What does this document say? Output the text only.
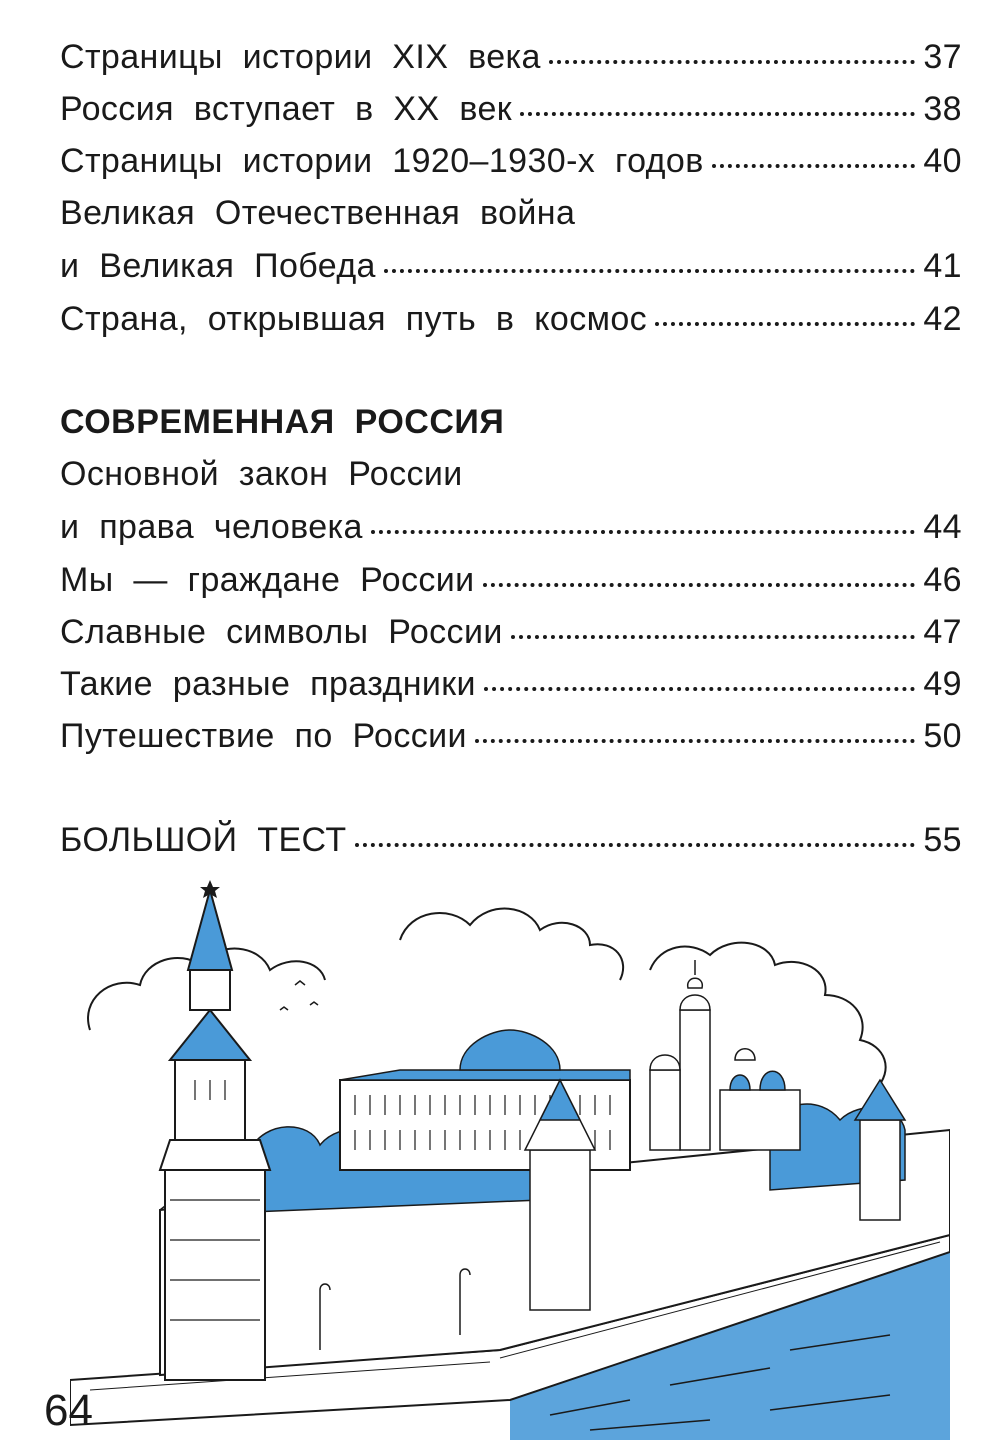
Страницы истории XIX века	37
Россия вступает в XX век	38
Страницы истории 1920–1930-х годов	40
Великая Отечественная война
и Великая Победа	41
Страна, открывшая путь в космос	42
СОВРЕМЕННАЯ РОССИЯ
Основной закон России
и права человека	44
Мы — граждане России	46
Славные символы России	47
Такие разные праздники	49
Путешествие по России	50
БОЛЬШОЙ ТЕСТ	55
64
